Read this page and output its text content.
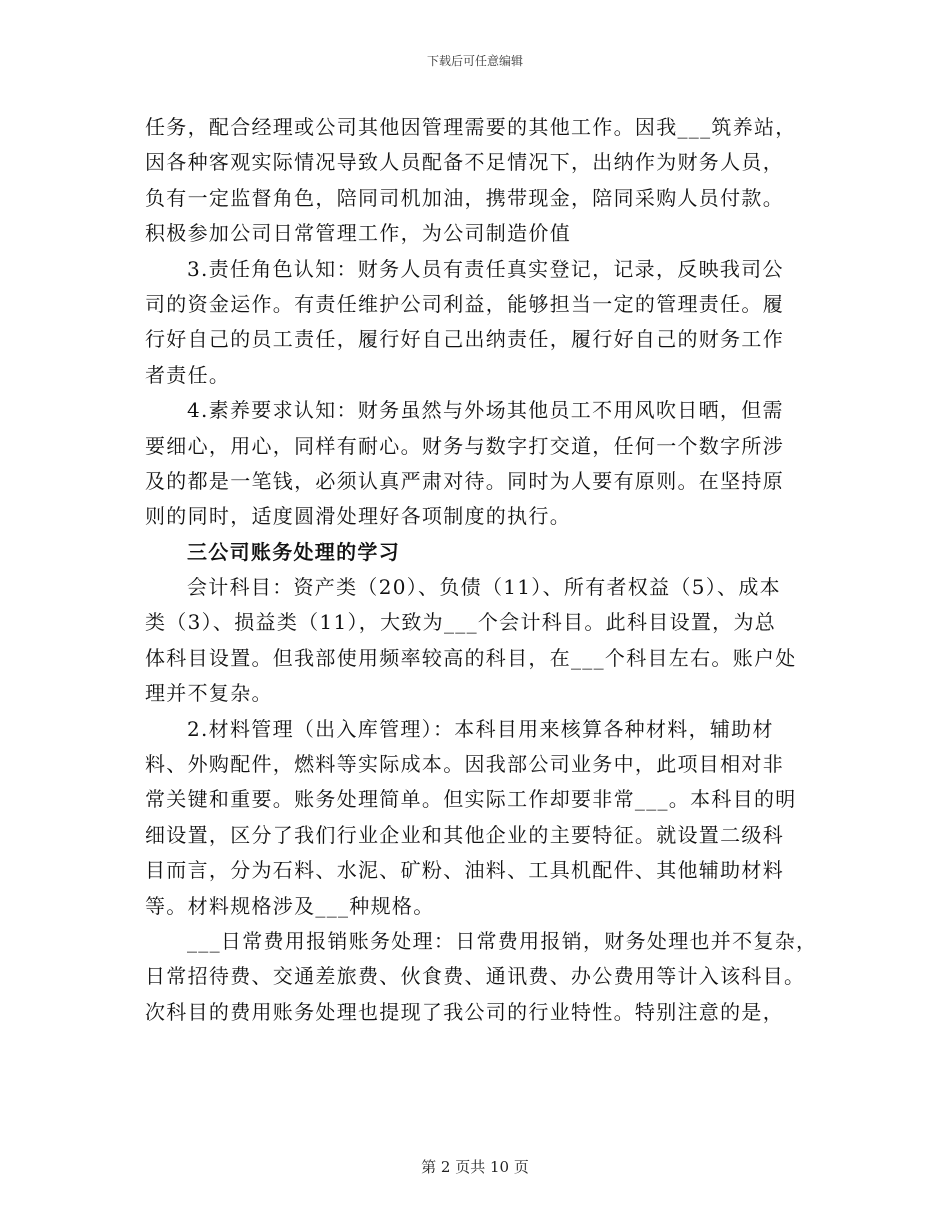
下载后可任意编辑
任务，配合经理或公司其他因管理需要的其他工作。因我___筑养站，
因各种客观实际情况导致人员配备不足情况下，出纳作为财务人员，
负有一定监督角色，陪同司机加油，携带现金，陪同采购人员付款。
积极参加公司日常管理工作，为公司制造价值
3.责任角色认知：财务人员有责任真实登记，记录，反映我司公
司的资金运作。有责任维护公司利益，能够担当一定的管理责任。履
行好自己的员工责任，履行好自己出纳责任，履行好自己的财务工作
者责任。
4.素养要求认知：财务虽然与外场其他员工不用风吹日晒，但需
要细心，用心，同样有耐心。财务与数字打交道，任何一个数字所涉
及的都是一笔钱，必须认真严肃对待。同时为人要有原则。在坚持原
则的同时，适度圆滑处理好各项制度的执行。
三公司账务处理的学习
会计科目：资产类（20）、负债（11）、所有者权益（5）、成本
类（3）、损益类（11），大致为___个会计科目。此科目设置，为总
体科目设置。但我部使用频率较高的科目，在___个科目左右。账户处
理并不复杂。
2.材料管理（出入库管理）：本科目用来核算各种材料，辅助材
料、外购配件，燃料等实际成本。因我部公司业务中，此项目相对非
常关键和重要。账务处理简单。但实际工作却要非常___。本科目的明
细设置，区分了我们行业企业和其他企业的主要特征。就设置二级科
目而言，分为石料、水泥、矿粉、油料、工具机配件、其他辅助材料
等。材料规格涉及___种规格。
___日常费用报销账务处理：日常费用报销，财务处理也并不复杂，
日常招待费、交通差旅费、伙食费、通讯费、办公费用等计入该科目。
次科目的费用账务处理也提现了我公司的行业特性。特别注意的是，
第 2 页共 10 页
